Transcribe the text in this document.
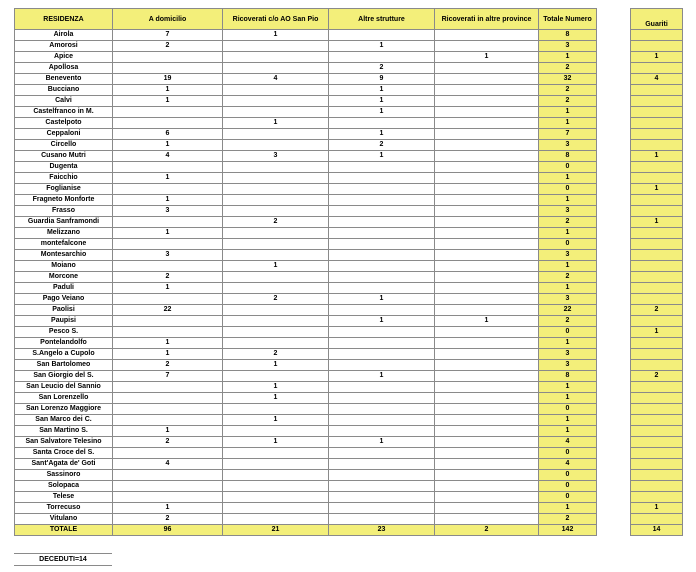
RESIDENZA	A domicilio	Ricoverati c/o AO San Pio	Altre strutture	Ricoverati in altre province	Totale Numero		Guariti
Airola	7	1			8		
Amorosi	2		1		3		
Apice				1	1		1
Apollosa			2		2		
Benevento	19	4	9		32		4
Bucciano	1		1		2		
Calvi	1		1		2		
Castelfranco in M.			1		1		
Castelpoto		1			1		
Ceppaloni	6		1		7		
Circello	1		2		3		
Cusano Mutri	4	3	1		8		1
Dugenta					0		
Faicchio	1				1		
Foglianise					0		1
Fragneto Monforte	1				1		
Frasso	3				3		
Guardia Sanframondi		2			2		1
Melizzano	1				1		
montefalcone					0		
Montesarchio	3				3		
Moiano		1			1		
Morcone	2				2		
Paduli	1				1		
Pago Veiano		2	1		3		
Paolisi	22				22		2
Paupisi			1	1	2		
Pesco S.					0		1
Pontelandolfo	1				1		
S.Angelo a Cupolo	1	2			3		
San Bartolomeo	2	1			3		
San Giorgio del S.	7		1		8		2
San Leucio del Sannio		1			1		
San Lorenzello		1			1		
San Lorenzo Maggiore					0		
San Marco dei C.		1			1		
San Martino S.	1				1		
San Salvatore Telesino	2	1	1		4		
Santa Croce del S.					0		
Sant'Agata de' Goti	4				4		
Sassinoro					0		
Solopaca					0		
Telese					0		
Torrecuso	1				1		1
Vitulano	2				2		
TOTALE	96	21	23	2	142		14
DECEDUTI=14
